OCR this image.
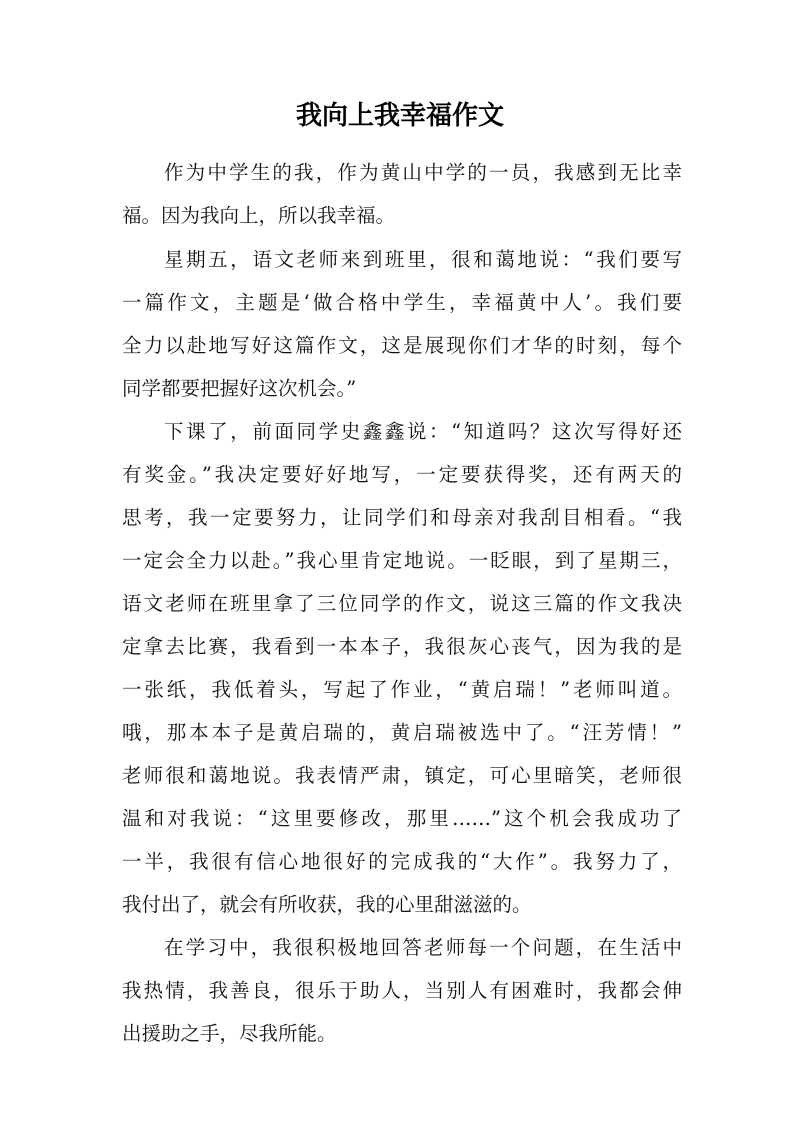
我向上我幸福作文
作为中学生的我，作为黄山中学的一员，我感到无比幸
福。因为我向上，所以我幸福。
星期五，语文老师来到班里，很和蔼地说：“我们要写
一篇作文，主题是‘做合格中学生，幸福黄中人’。我们要
全力以赴地写好这篇作文，这是展现你们才华的时刻，每个
同学都要把握好这次机会。”
下课了，前面同学史鑫鑫说：“知道吗？这次写得好还
有奖金。”我决定要好好地写，一定要获得奖，还有两天的
思考，我一定要努力，让同学们和母亲对我刮目相看。“我
一定会全力以赴。”我心里肯定地说。一眨眼，到了星期三，
语文老师在班里拿了三位同学的作文，说这三篇的作文我决
定拿去比赛，我看到一本本子，我很灰心丧气，因为我的是
一张纸，我低着头，写起了作业，“黄启瑞！”老师叫道。
哦，那本本子是黄启瑞的，黄启瑞被选中了。“汪芳情！”
老师很和蔼地说。我表情严肃，镇定，可心里暗笑，老师很
温和对我说：“这里要修改，那里……”这个机会我成功了
一半，我很有信心地很好的完成我的“大作”。我努力了，
我付出了，就会有所收获，我的心里甜滋滋的。
在学习中，我很积极地回答老师每一个问题，在生活中
我热情，我善良，很乐于助人，当别人有困难时，我都会伸
出援助之手，尽我所能。
